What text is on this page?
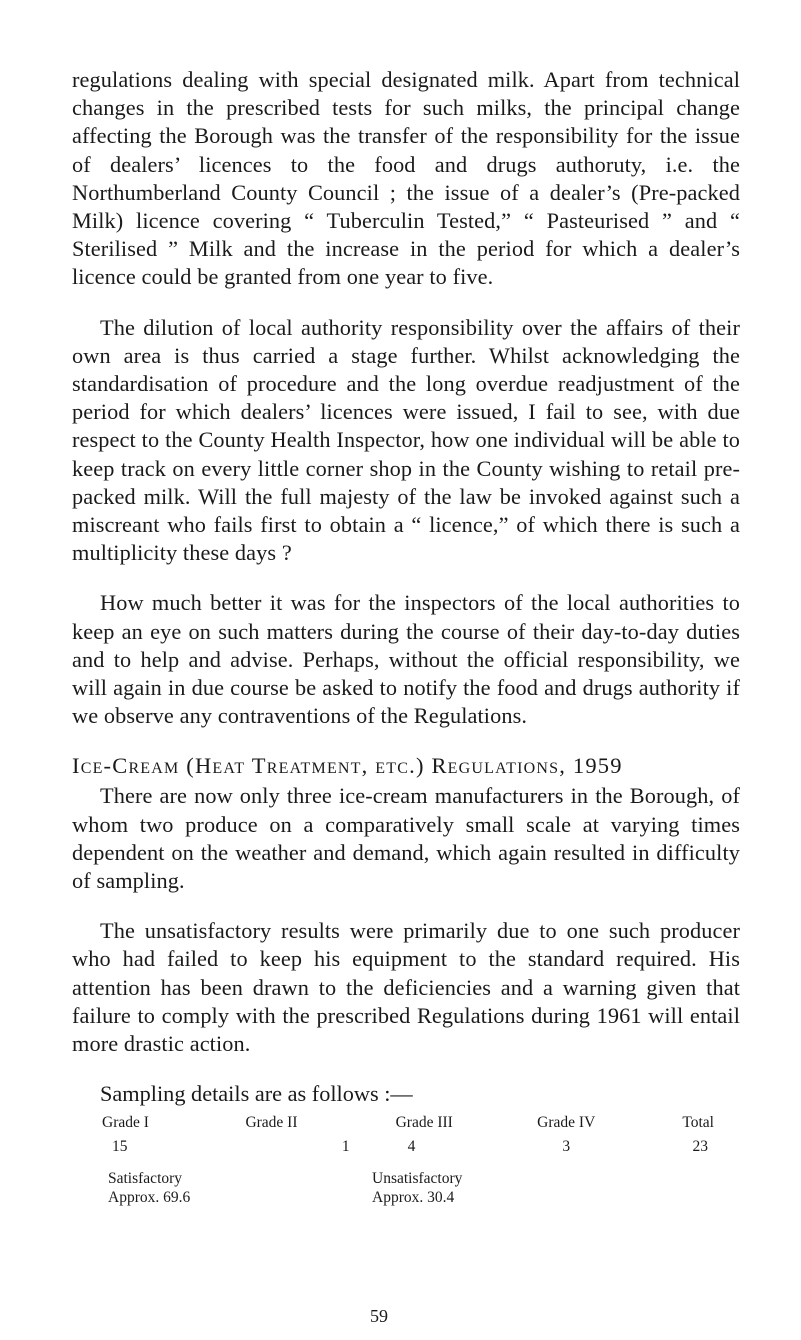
regulations dealing with special designated milk. Apart from technical changes in the prescribed tests for such milks, the principal change affecting the Borough was the transfer of the responsibility for the issue of dealers’ licences to the food and drugs authoruty, i.e. the Northumberland County Council ; the issue of a dealer’s (Pre-packed Milk) licence covering “ Tuberculin Tested,” “ Pasteurised ” and “ Sterilised ” Milk and the increase in the period for which a dealer’s licence could be granted from one year to five.

The dilution of local authority responsibility over the affairs of their own area is thus carried a stage further. Whilst acknowledging the standardisation of procedure and the long overdue readjustment of the period for which dealers’ licences were issued, I fail to see, with due respect to the County Health Inspector, how one individual will be able to keep track on every little corner shop in the County wishing to retail pre-packed milk. Will the full majesty of the law be invoked against such a miscreant who fails first to obtain a “ licence,” of which there is such a multiplicity these days ?

How much better it was for the inspectors of the local authorities to keep an eye on such matters during the course of their day-to-day duties and to help and advise. Perhaps, without the official responsibility, we will again in due course be asked to notify the food and drugs authority if we observe any contraventions of the Regulations.

Ice-Cream (Heat Treatment, etc.) Regulations, 1959

There are now only three ice-cream manufacturers in the Borough, of whom two produce on a comparatively small scale at varying times dependent on the weather and demand, which again resulted in difficulty of sampling.

The unsatisfactory results were primarily due to one such producer who had failed to keep his equipment to the standard required. His attention has been drawn to the deficiencies and a warning given that failure to comply with the prescribed Regulations during 1961 will entail more drastic action.

Sampling details are as follows :—
Grade I	Grade II	Grade III	Grade IV	Total
15	1	4	3	23
Satisfactory
Approx. 69.6
Unsatisfactory
Approx. 30.4
59
